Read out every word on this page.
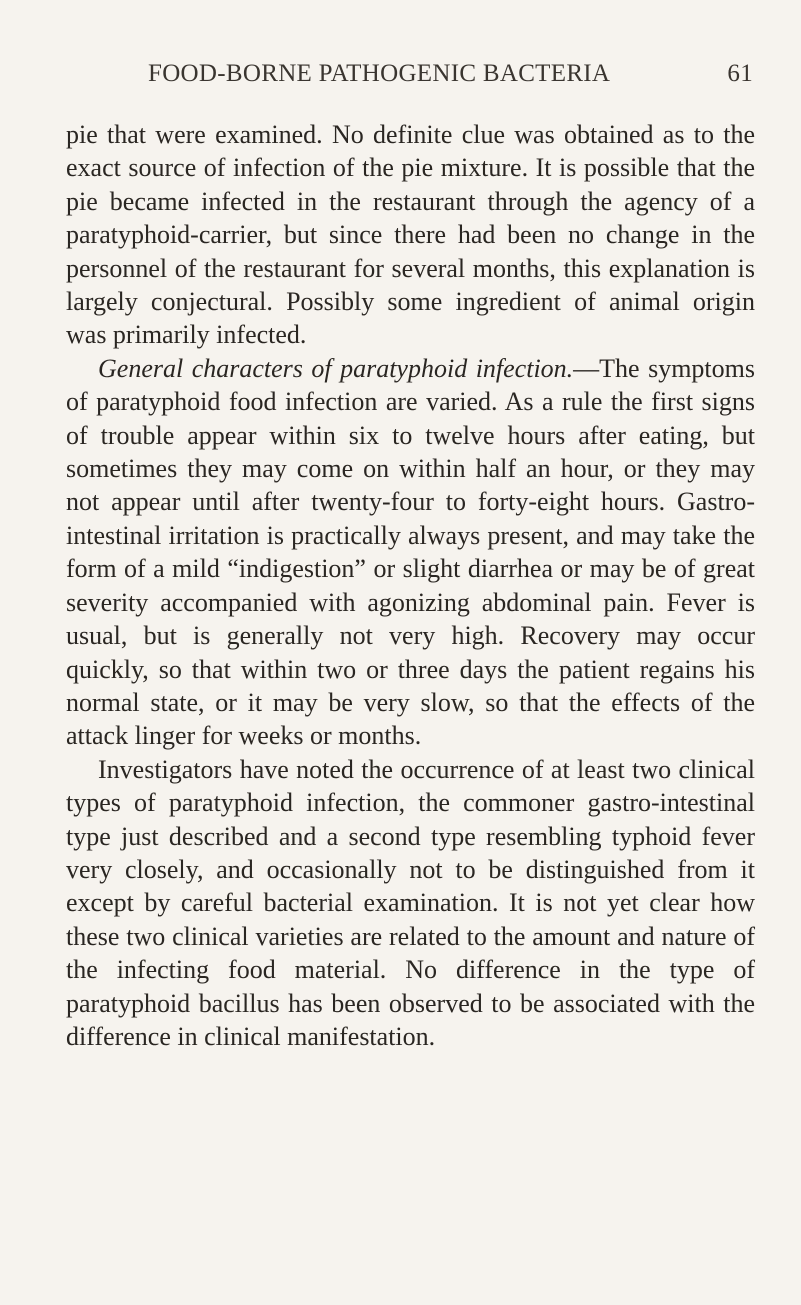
FOOD-BORNE PATHOGENIC BACTERIA	61

pie that were examined. No definite clue was obtained as to the exact source of infection of the pie mixture. It is possible that the pie became infected in the restaurant through the agency of a paratyphoid-carrier, but since there had been no change in the personnel of the restaurant for several months, this explanation is largely conjectural. Possibly some ingredient of animal origin was primarily infected.

General characters of paratyphoid infection.—The symptoms of paratyphoid food infection are varied. As a rule the first signs of trouble appear within six to twelve hours after eating, but sometimes they may come on within half an hour, or they may not appear until after twenty-four to forty-eight hours. Gastro-intestinal irritation is practically always present, and may take the form of a mild “indigestion” or slight diarrhea or may be of great severity accompanied with agonizing abdominal pain. Fever is usual, but is generally not very high. Recovery may occur quickly, so that within two or three days the patient regains his normal state, or it may be very slow, so that the effects of the attack linger for weeks or months.

Investigators have noted the occurrence of at least two clinical types of paratyphoid infection, the commoner gastro-intestinal type just described and a second type resembling typhoid fever very closely, and occasionally not to be distinguished from it except by careful bacterial examination. It is not yet clear how these two clinical varieties are related to the amount and nature of the infecting food material. No difference in the type of paratyphoid bacillus has been observed to be associated with the difference in clinical manifestation.
